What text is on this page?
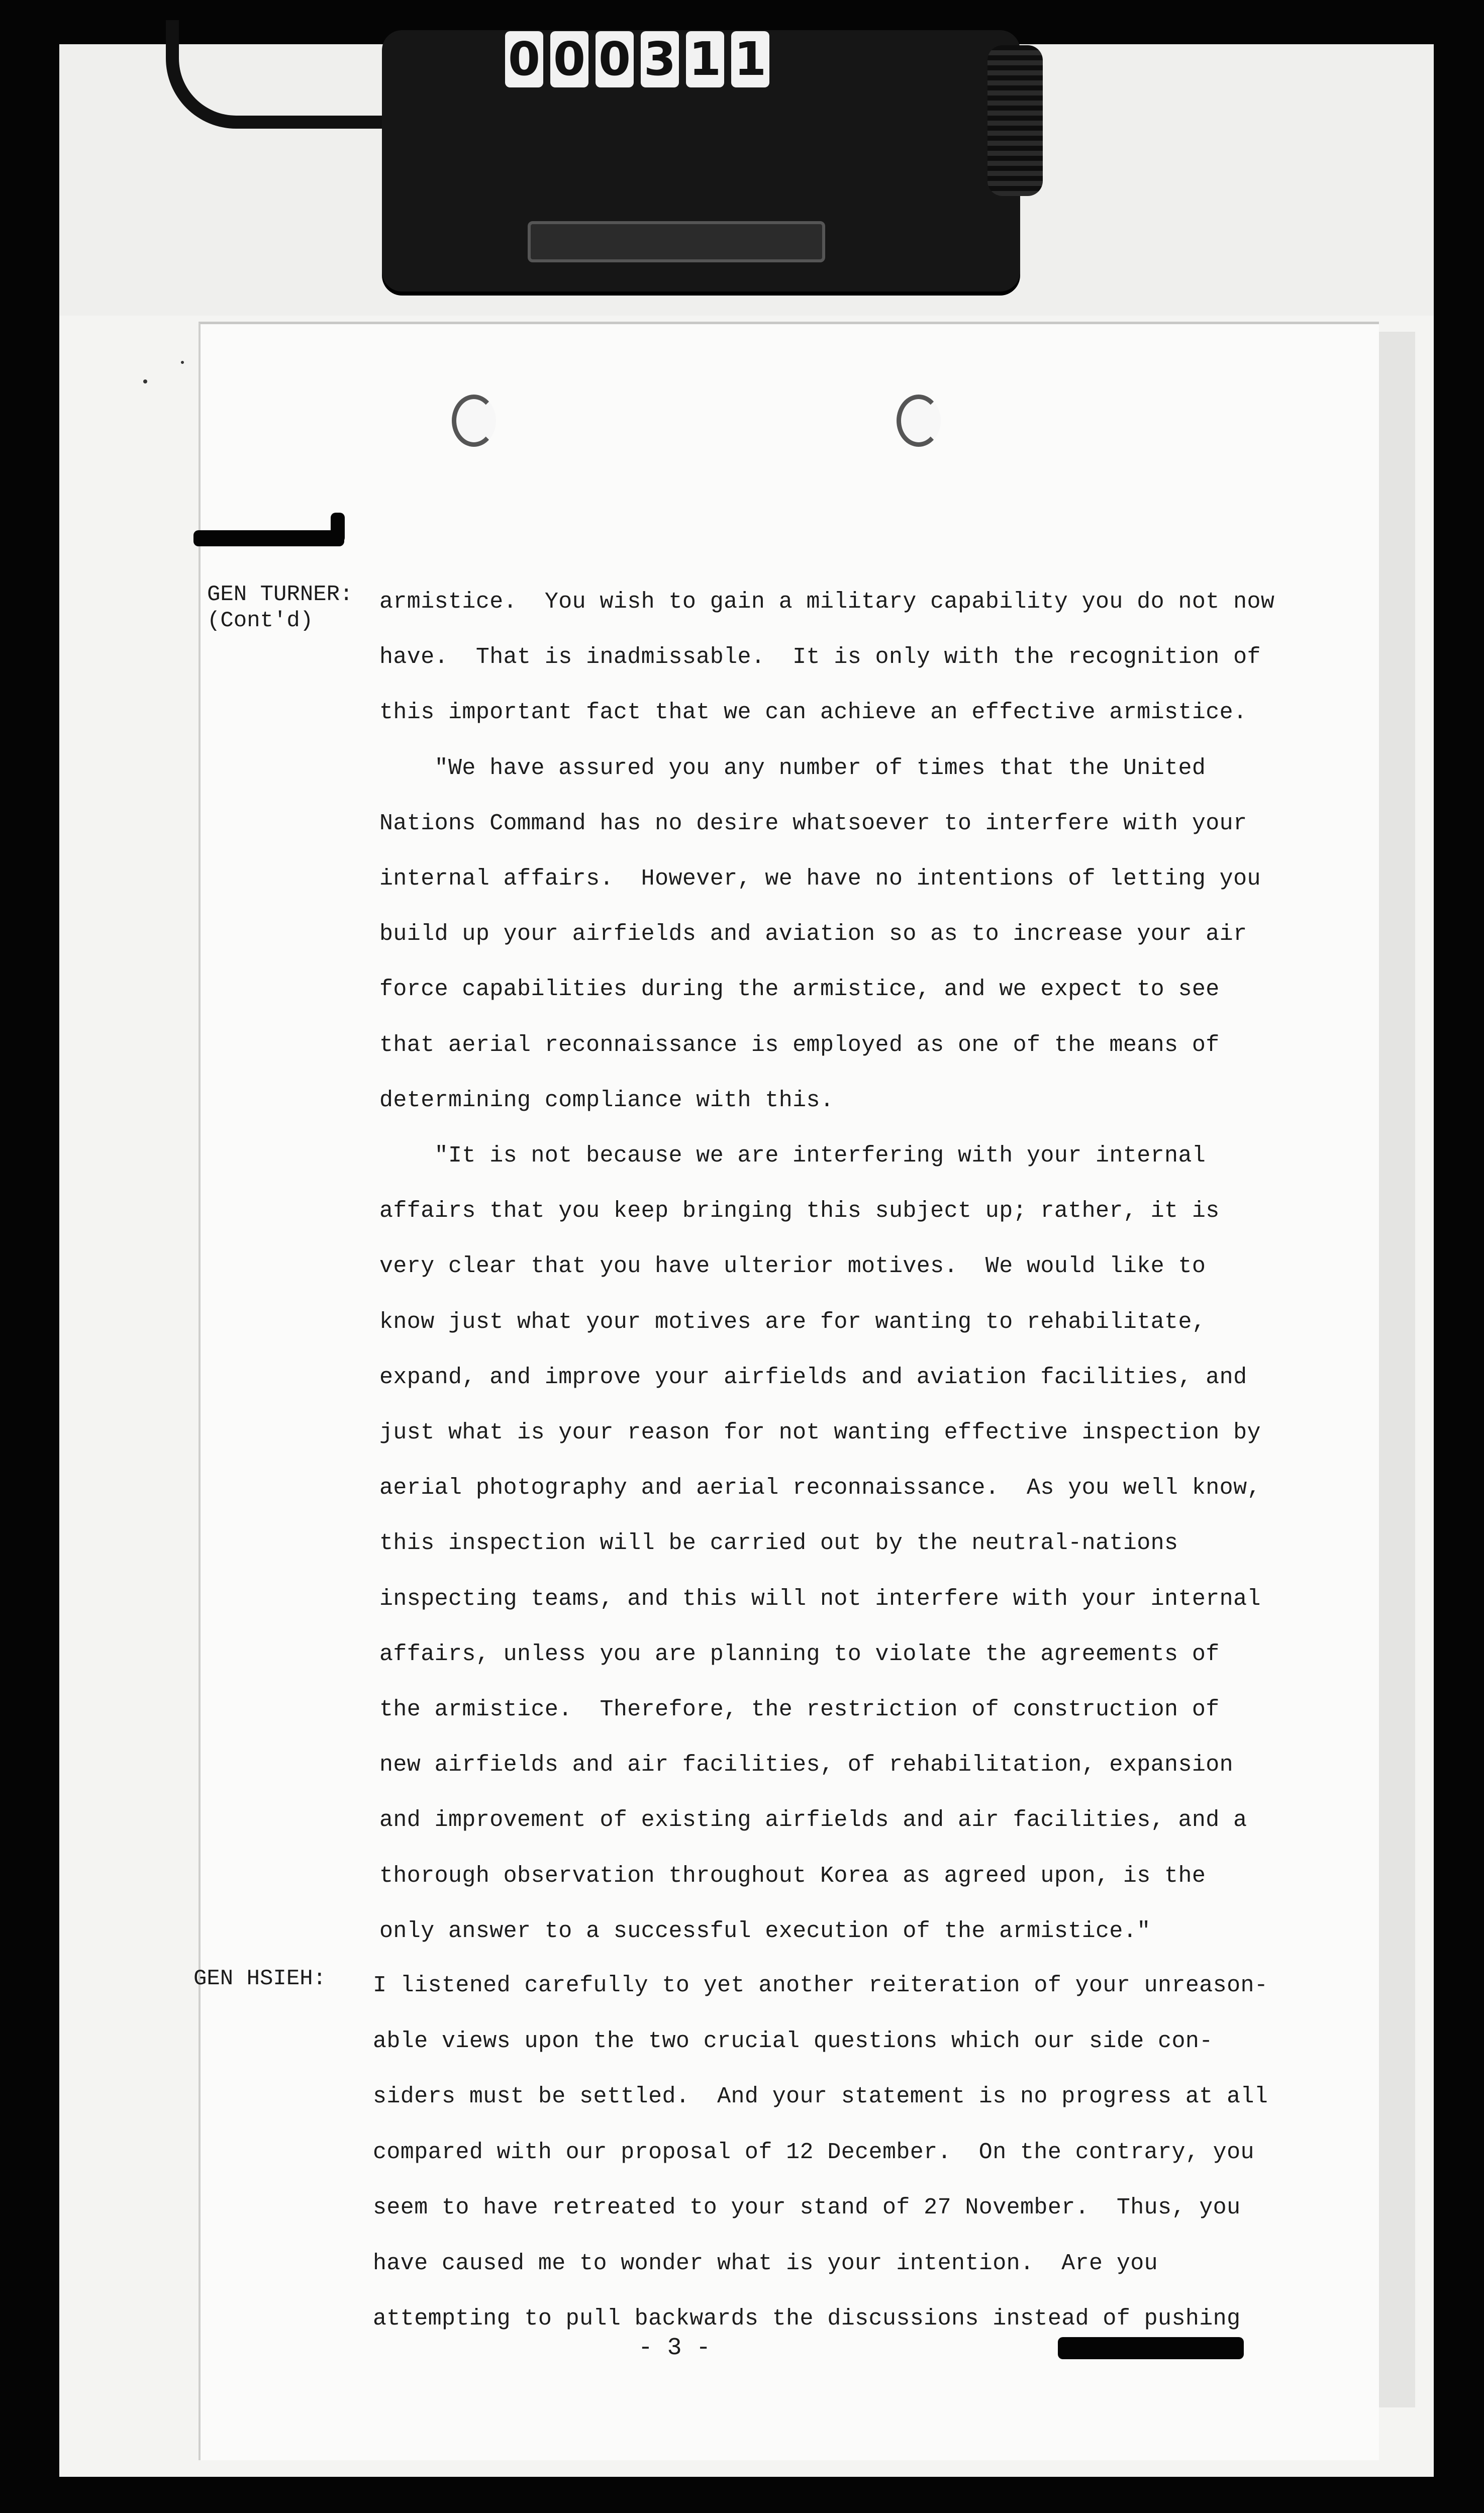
0 0 0 3 1 1
GEN TURNER:
(Cont'd)
GEN HSIEH:
armistice.  You wish to gain a military capability you do not now
have.  That is inadmissable.  It is only with the recognition of
this important fact that we can achieve an effective armistice.
"We have assured you any number of times that the United
Nations Command has no desire whatsoever to interfere with your
internal affairs.  However, we have no intentions of letting you
build up your airfields and aviation so as to increase your air
force capabilities during the armistice, and we expect to see
that aerial reconnaissance is employed as one of the means of
determining compliance with this.
"It is not because we are interfering with your internal
affairs that you keep bringing this subject up; rather, it is
very clear that you have ulterior motives.  We would like to
know just what your motives are for wanting to rehabilitate,
expand, and improve your airfields and aviation facilities, and
just what is your reason for not wanting effective inspection by
aerial photography and aerial reconnaissance.  As you well know,
this inspection will be carried out by the neutral-nations
inspecting teams, and this will not interfere with your internal
affairs, unless you are planning to violate the agreements of
the armistice.  Therefore, the restriction of construction of
new airfields and air facilities, of rehabilitation, expansion
and improvement of existing airfields and air facilities, and a
thorough observation throughout Korea as agreed upon, is the
only answer to a successful execution of the armistice."
I listened carefully to yet another reiteration of your unreason-
able views upon the two crucial questions which our side con-
siders must be settled.  And your statement is no progress at all
compared with our proposal of 12 December.  On the contrary, you
seem to have retreated to your stand of 27 November.  Thus, you
have caused me to wonder what is your intention.  Are you
attempting to pull backwards the discussions instead of pushing
- 3 -
